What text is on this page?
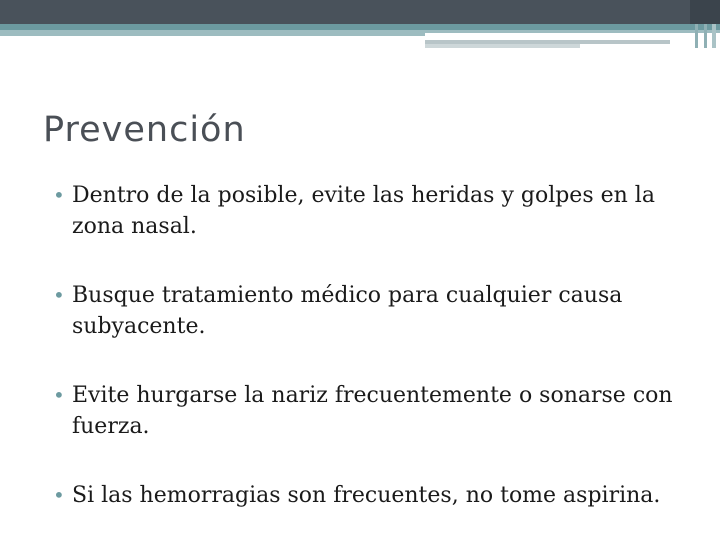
Prevención
• Dentro de la posible, evite las heridas y golpes en la zona nasal.
• Busque tratamiento médico para cualquier causa subyacente.
• Evite hurgarse la nariz frecuentemente o sonarse con fuerza.
• Si las hemorragias son frecuentes, no tome aspirina.
